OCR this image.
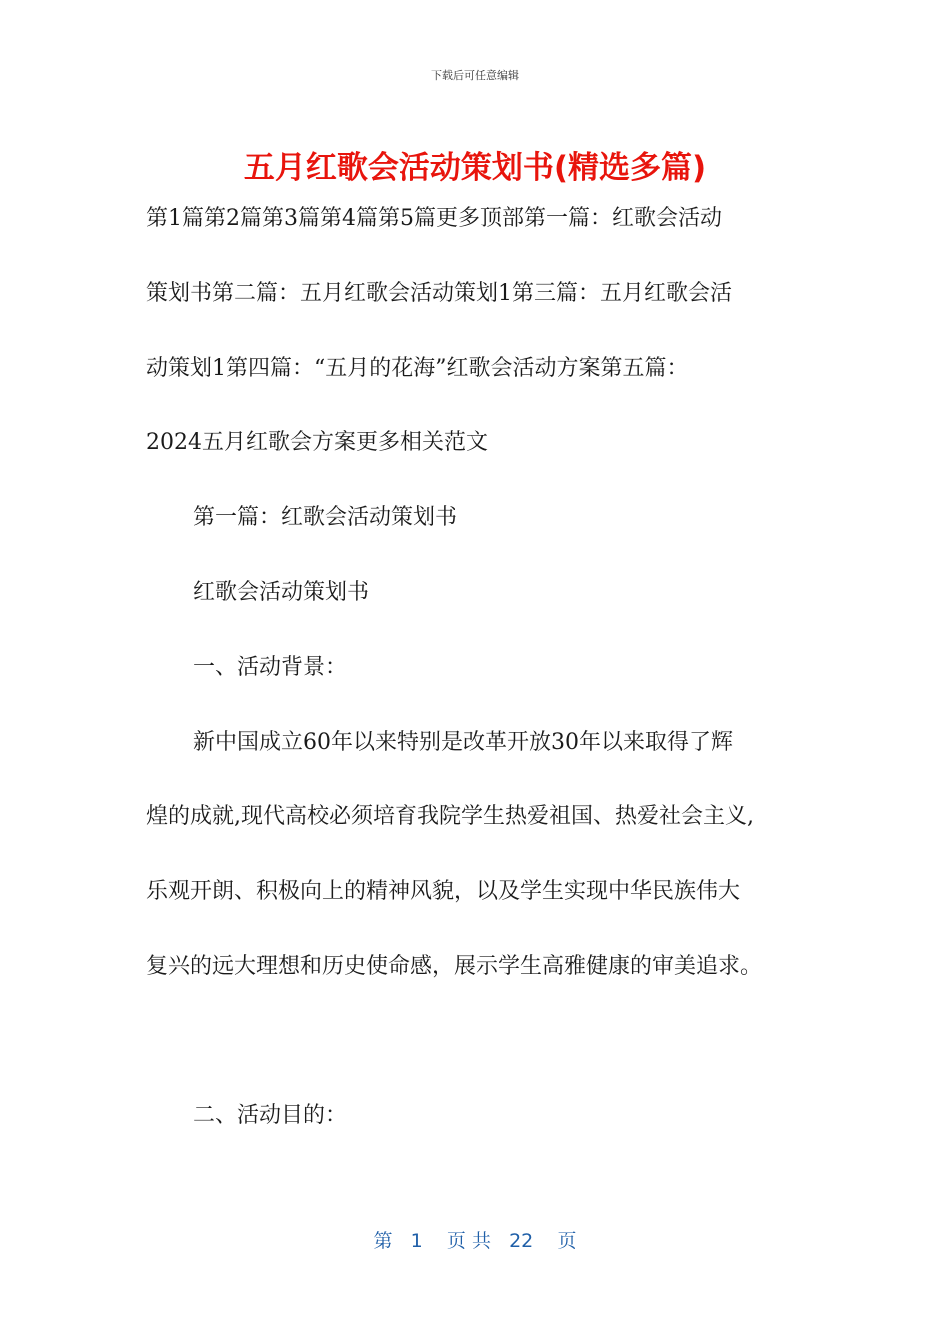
下载后可任意编辑
五月红歌会活动策划书(精选多篇)
第1篇第2篇第3篇第4篇第5篇更多顶部第一篇：红歌会活动
策划书第二篇：五月红歌会活动策划1第三篇：五月红歌会活
动策划1第四篇：“五月的花海”红歌会活动方案第五篇：
2024五月红歌会方案更多相关范文
第一篇：红歌会活动策划书
红歌会活动策划书
一、活动背景：
新中国成立60年以来特别是改革开放30年以来取得了辉
煌的成就,现代高校必须培育我院学生热爱祖国、热爱社会主义,
乐观开朗、积极向上的精神风貌，以及学生实现中华民族伟大
复兴的远大理想和历史使命感，展示学生高雅健康的审美追求。
二、活动目的：
第 1 页 共 22 页
